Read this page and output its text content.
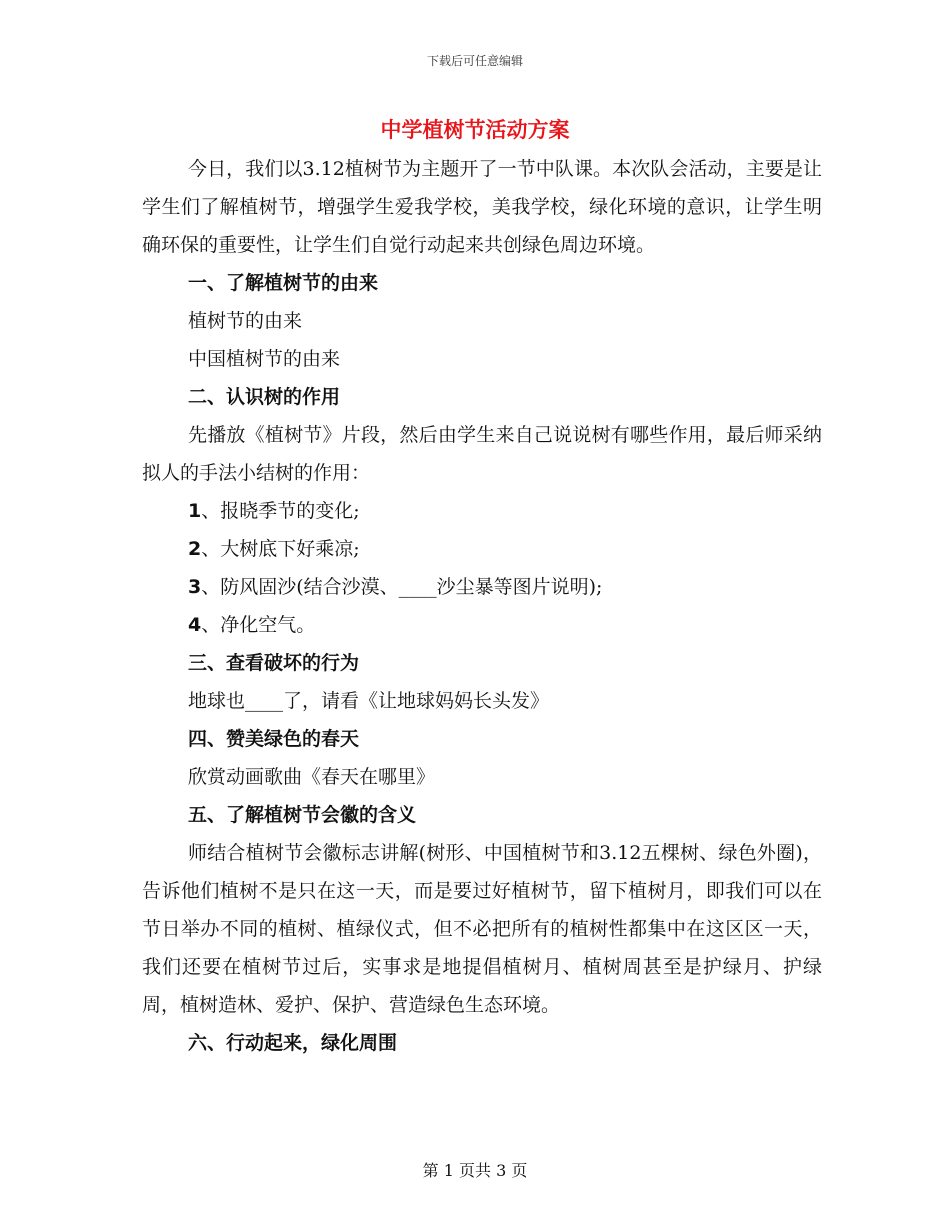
下载后可任意编辑
中学植树节活动方案

今日，我们以3.12植树节为主题开了一节中队课。本次队会活动，主要是让学生们了解植树节，增强学生爱我学校，美我学校，绿化环境的意识，让学生明确环保的重要性，让学生们自觉行动起来共创绿色周边环境。

一、了解植树节的由来

植树节的由来

中国植树节的由来

二、认识树的作用

先播放《植树节》片段，然后由学生来自己说说树有哪些作用，最后师采纳拟人的手法小结树的作用：

1、报晓季节的变化;

2、大树底下好乘凉;

3、防风固沙(结合沙漠、____沙尘暴等图片说明);

4、净化空气。

三、查看破坏的行为

地球也____了，请看《让地球妈妈长头发》

四、赞美绿色的春天

欣赏动画歌曲《春天在哪里》

五、了解植树节会徽的含义

师结合植树节会徽标志讲解(树形、中国植树节和3.12五棵树、绿色外圈)，告诉他们植树不是只在这一天，而是要过好植树节，留下植树月，即我们可以在节日举办不同的植树、植绿仪式，但不必把所有的植树性都集中在这区区一天，我们还要在植树节过后，实事求是地提倡植树月、植树周甚至是护绿月、护绿周，植树造林、爱护、保护、营造绿色生态环境。

六、行动起来，绿化周围

第 1 页共 3 页
